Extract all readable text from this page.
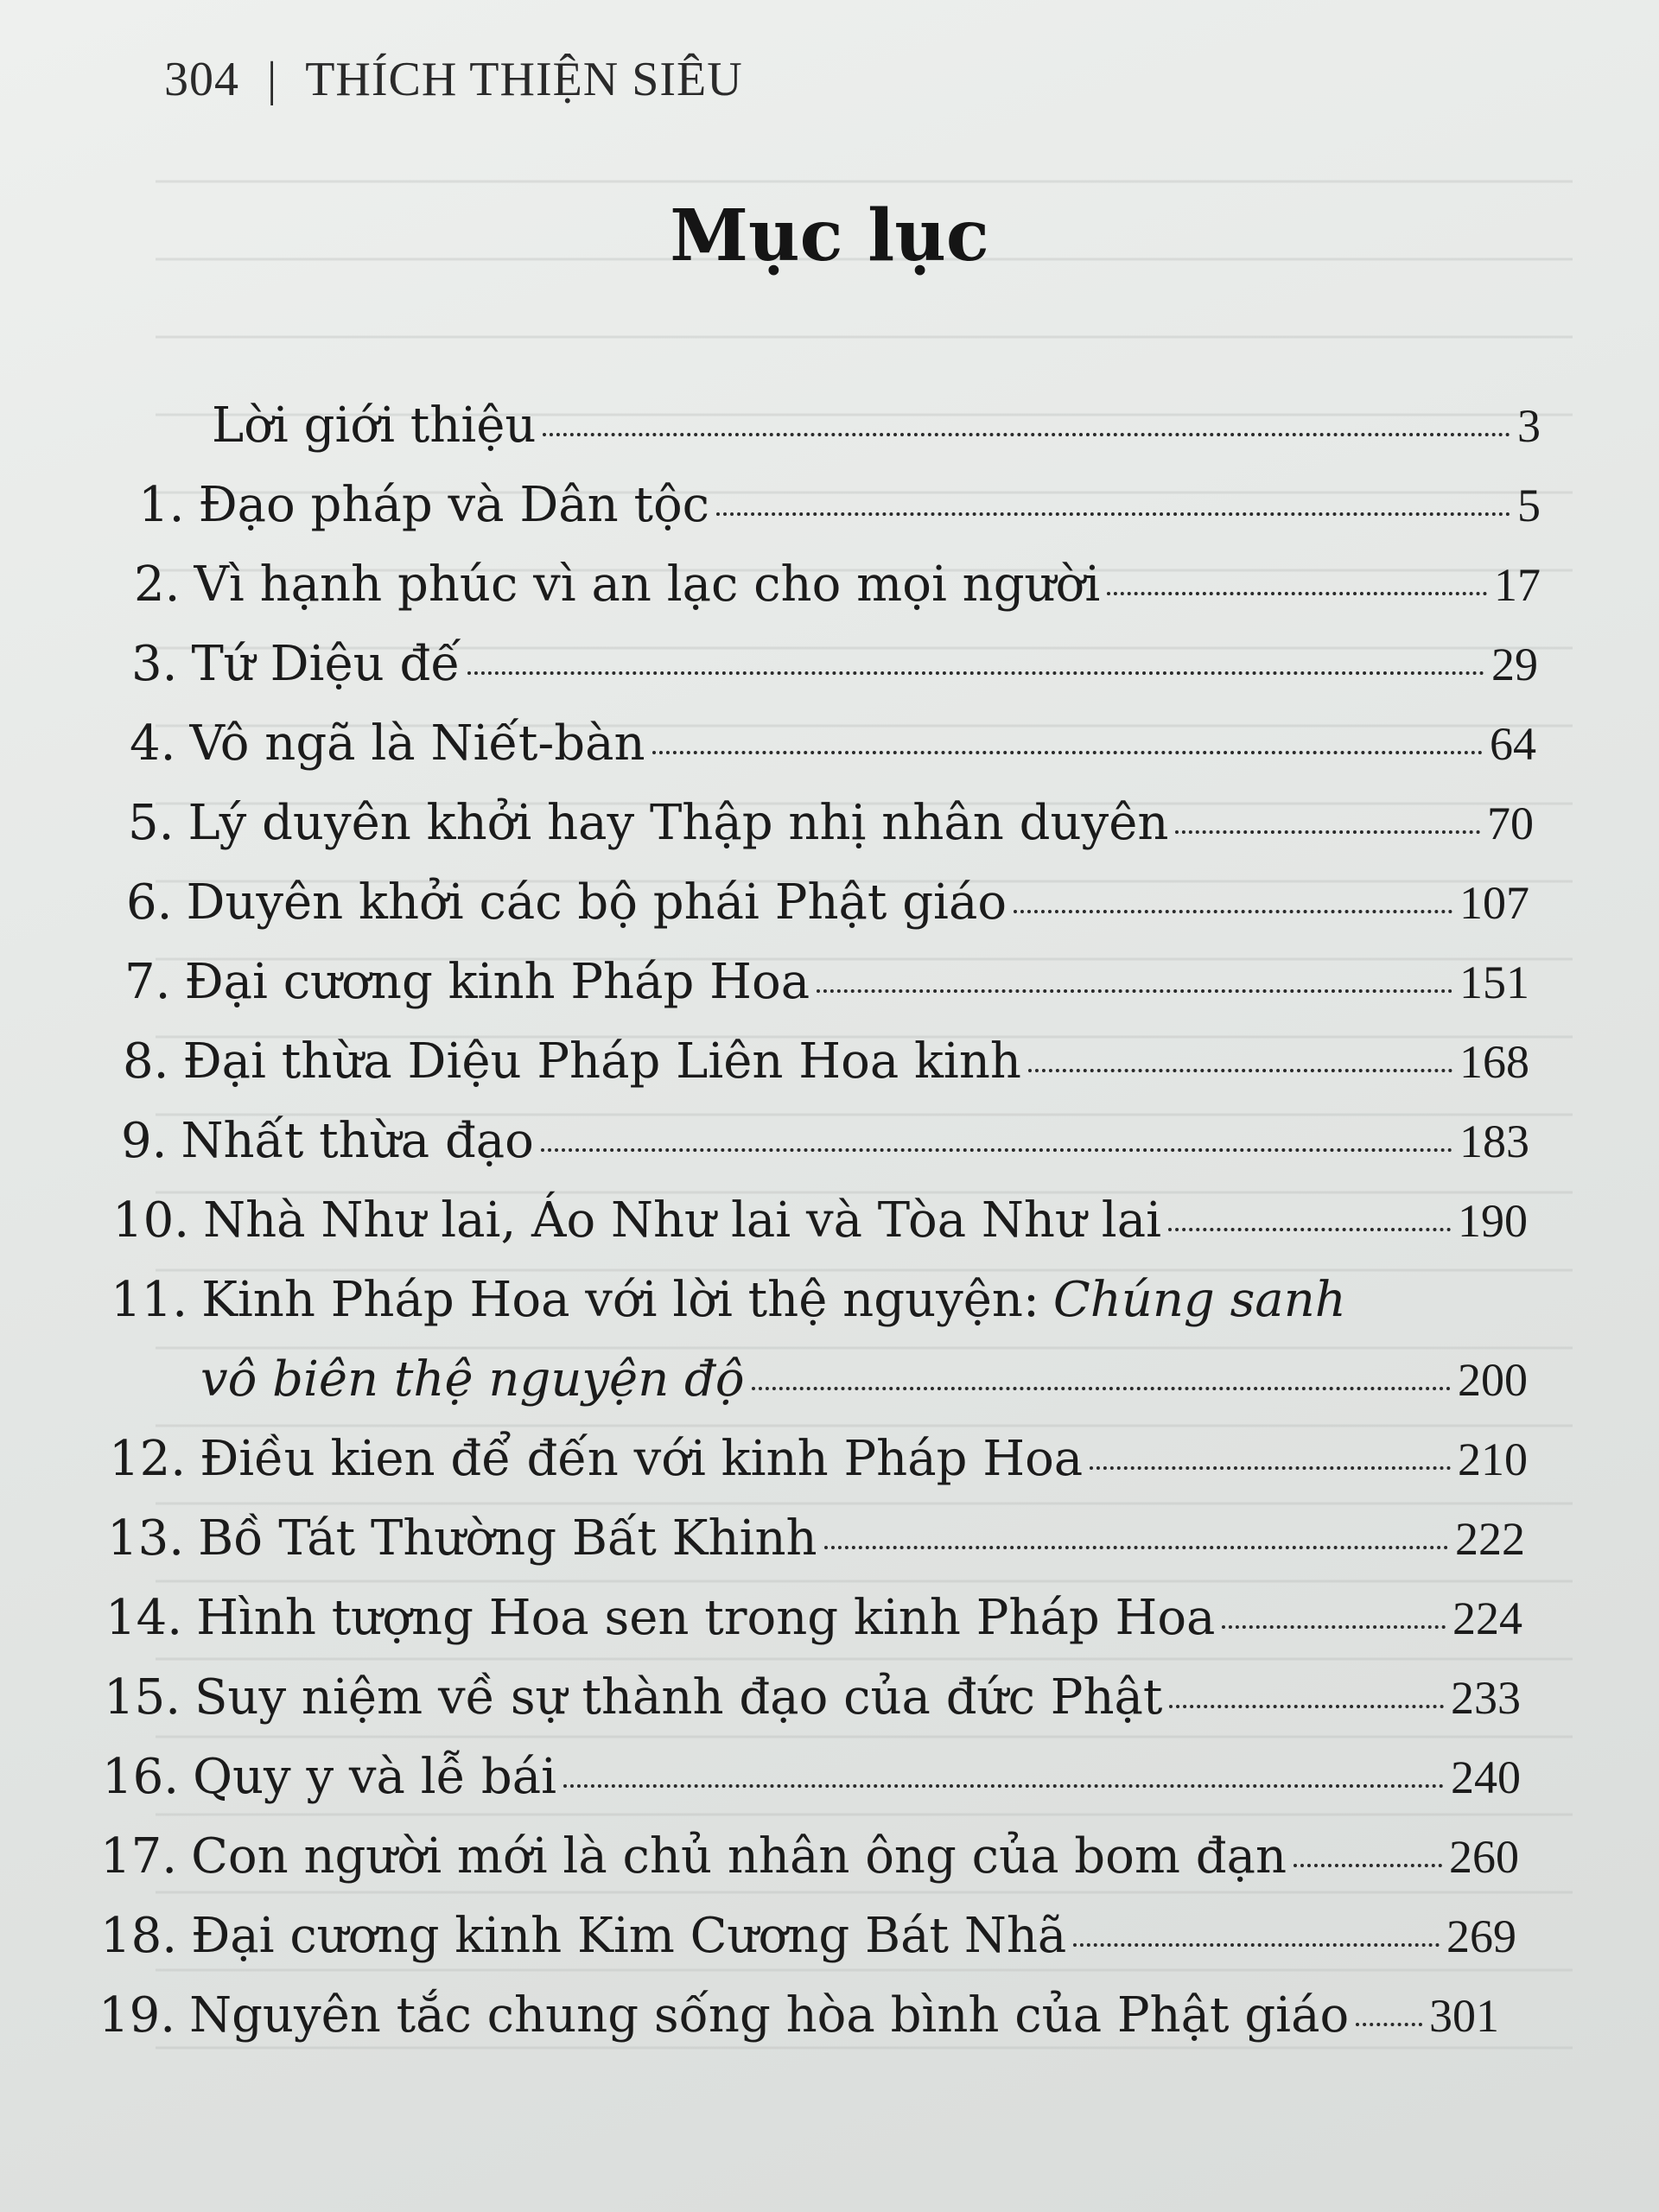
304 | THÍCH THIỆN SIÊU
Mục lục
Lời giới thiệu	3
1. Đạo pháp và Dân tộc	5
2. Vì hạnh phúc vì an lạc cho mọi người	17
3. Tứ Diệu đế	29
4. Vô ngã là Niết-bàn	64
5. Lý duyên khởi hay Thập nhị nhân duyên	70
6. Duyên khởi các bộ phái Phật giáo	107
7. Đại cương kinh Pháp Hoa	151
8. Đại thừa Diệu Pháp Liên Hoa kinh	168
9. Nhất thừa đạo	183
10. Nhà Như lai, Áo Như lai và Tòa Như lai	190
11. Kinh Pháp Hoa với lời thệ nguyện: Chúng sanh
vô biên thệ nguyện độ	200
12. Điều kien để đến với kinh Pháp Hoa	210
13. Bồ Tát Thường Bất Khinh	222
14. Hình tượng Hoa sen trong kinh Pháp Hoa	224
15. Suy niệm về sự thành đạo của đức Phật	233
16. Quy y và lễ bái	240
17. Con người mới là chủ nhân ông của bom đạn	260
18. Đại cương kinh Kim Cương Bát Nhã	269
19. Nguyên tắc chung sống hòa bình của Phật giáo 301
